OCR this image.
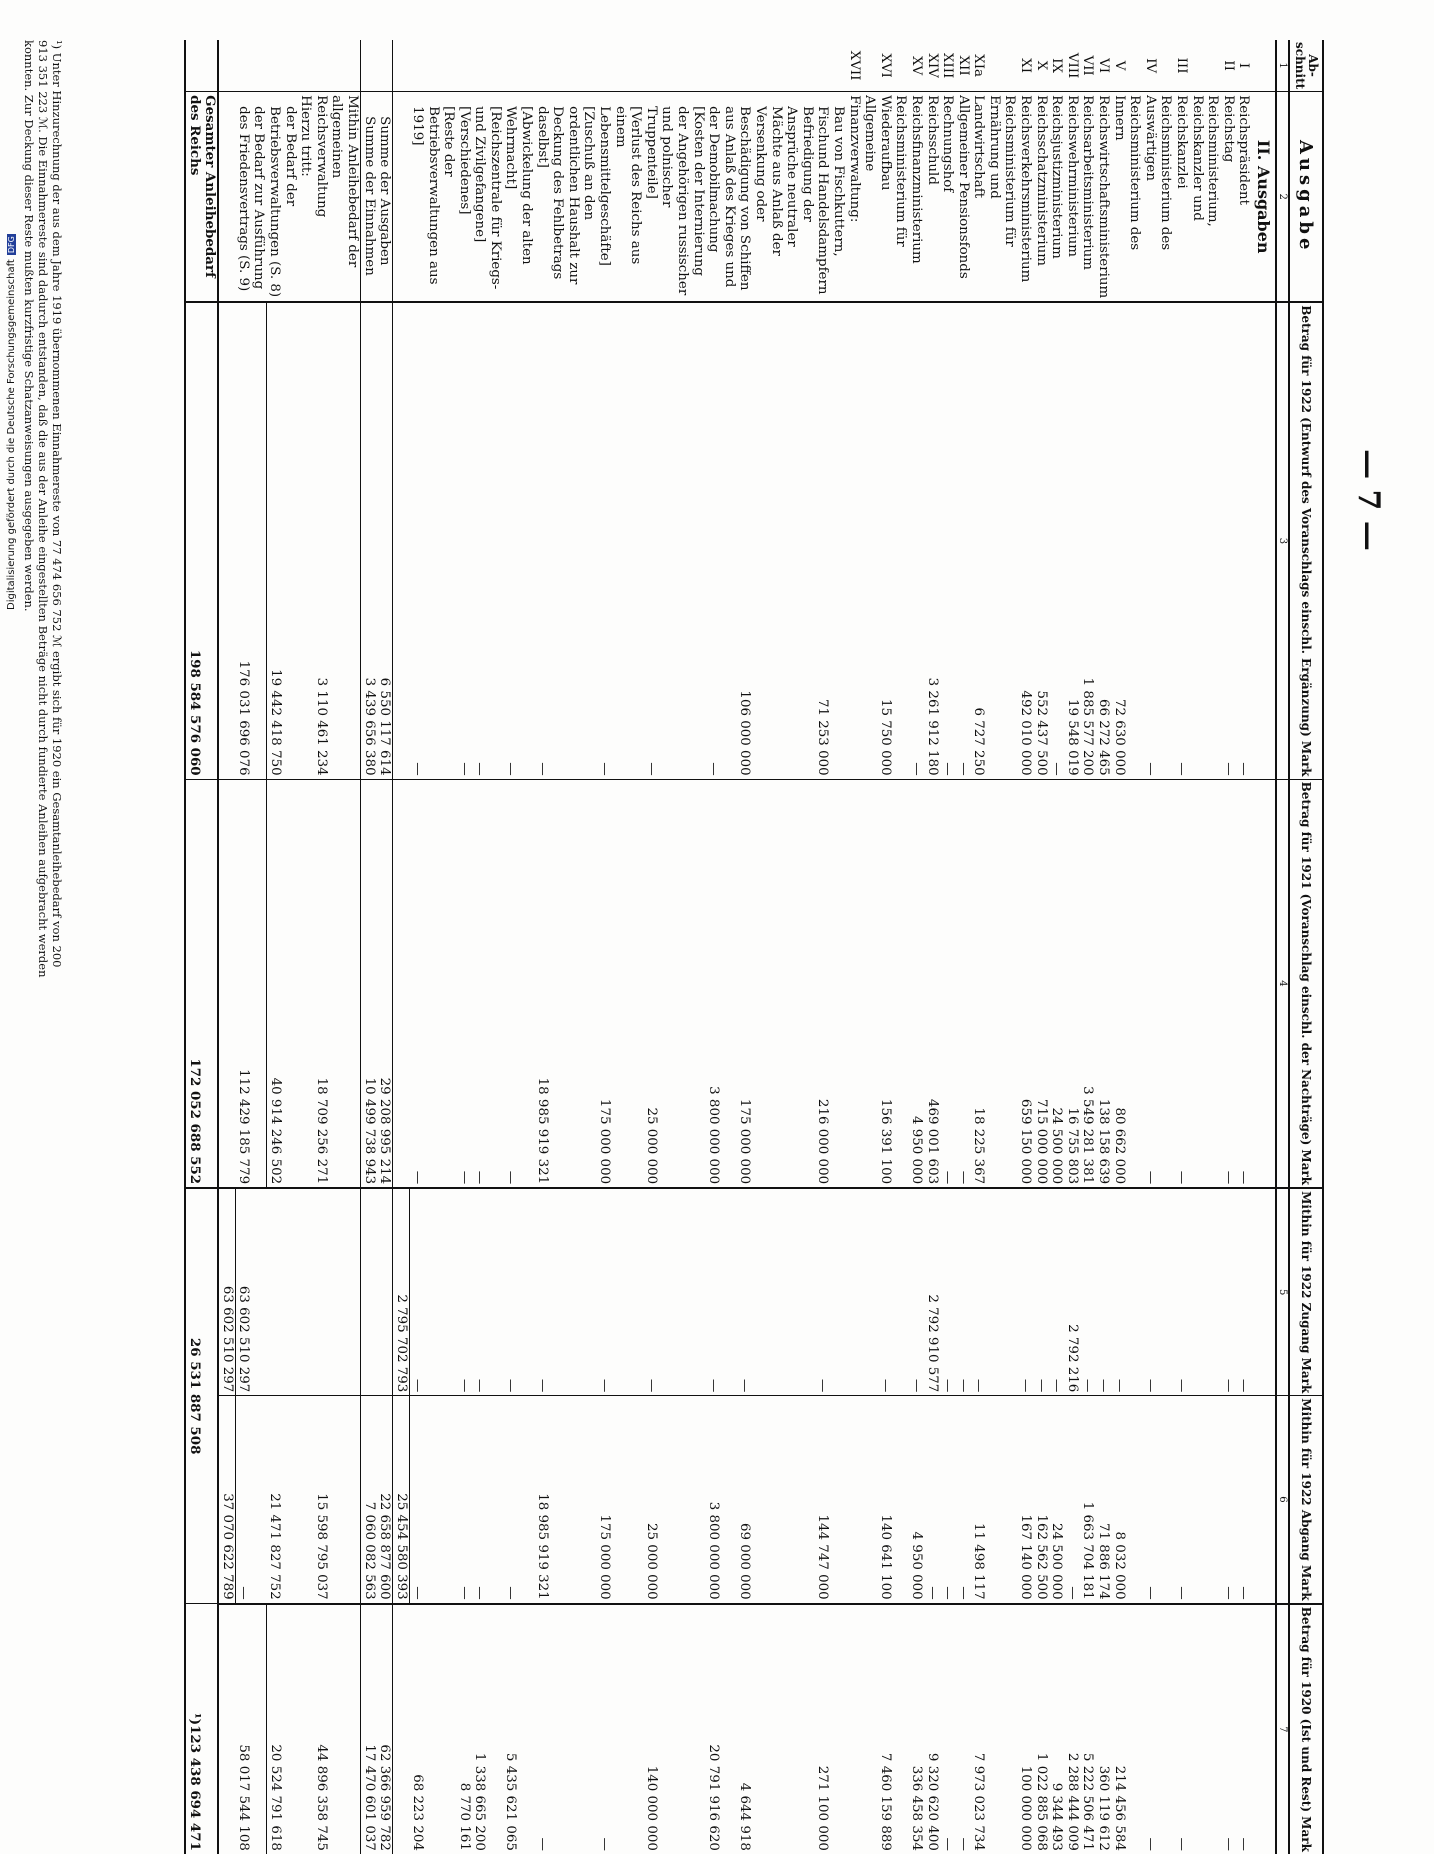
— 7 —
Ab-schnitt	Ausgabe	Betrag für 1922 (Entwurf des Voranschlags einschl. Ergänzung) Mark	Betrag für 1921 (Voranschlag einschl. der Nachträge) Mark	Mithin für 1922 Zugang Mark	Mithin für 1922 Abgang Mark	Betrag für 1920 (Ist und Rest) Mark
1	2	3	4	5	6	7
	II. Ausgaben					
I	Reichspräsident	—	—	—	—	—
II	Reichstag	—	—	—	—	—
III	Reichsministerium, Reichskanzler und Reichskanzlei	—	—	—	—	—
IV	Reichsministerium des Auswärtigen	—	—	—	—	—
V	Reichsministerium des Innern	72 630 000	80 662 000	—	8 032 000	214 456 584
VI	Reichswirtschaftsministerium	66 272 465	138 158 639	—	71 886 174	360 119 612
VII	Reichsarbeitsministerium	1 885 577 200	3 549 281 381	—	1 663 704 181	5 222 506 471
VIII	Reichswehrministerium	19 548 019	16 755 803	2 792 216	—	2 288 444 009
IX	Reichsjustizministerium	—	24 500 000	—	24 500 000	9 344 493
X	Reichsschatzministerium	552 437 500	715 000 000	—	162 562 500	1 022 885 068
XI	Reichsverkehrsministerium	492 010 000	659 150 000	—	167 140 000	100 000 000
XIa	Reichsministerium für Ernährung und Landwirtschaft	6 727 250	18 225 367	—	11 498 117	7 973 023 734
XII	Allgemeiner Pensionsfonds	—	—	—	—	—
XIII	Rechnungshof	—	—	—	—	—
XIV	Reichsschuld	3 261 912 180	469 001 603	2 792 910 577	—	9 320 620 400
XV	Reichsfinanzministerium	—	4 950 000	—	4 950 000	336 458 354
XVI	Reichsministerium für Wiederaufbau	15 750 000	156 391 100	—	140 641 100	7 460 159 889
XVII	Allgemeine Finanzverwaltung:					
	Bau von Fischkuttern, Fischund Handelsdampfern	71 253 000	216 000 000	—	144 747 000	271 100 000
	Befriedigung der Ansprüche neutraler Mächte aus Anlaß der Versenkung oder Beschädigung von Schiffen	106 000 000	175 000 000	—	69 000 000	4 644 918
	aus Anlaß des Krieges und der Demobilmachung	—	3 800 000 000	—	3 800 000 000	20 791 916 620
	[Kosten der Internierung der Angehörigen russischer und polnischer Truppenteile]	—	25 000 000	—	25 000 000	140 000 000
	[Verlust des Reichs aus einem Lebensmittelgeschäfte]	—	175 000 000	—	175 000 000	—
	[Zuschuß an den ordentlichen Haushalt zur Deckung des Fehlbetrags daselbst]	—	18 985 919 321	—	18 985 919 321	—
	[Abwickelung der alten Wehrmacht]	—	—	—	—	5 435 621 065
	[Reichszentrale für Kriegs- und Zivilgefangene]	—	—	—	—	1 338 665 200
	[Verschiedenes]	—	—	—	—	8 770 161
	[Reste der Betriebsverwaltungen aus 1919]	—	—	—	—	68 223 204
				2 795 702 793	25 454 580 393	
	Summe der Ausgaben	6 550 117 614	29 208 995 214		22 658 877 600	62 366 959 782
	Summe der Einnahmen	3 439 656 380	10 499 738 943		7 060 082 563	17 470 601 037
	Mithin Anleihebedarf der allgemeinen Reichsverwaltung	3 110 461 234	18 709 256 271		15 598 795 037	44 896 358 745
	Hierzu tritt:					
	der Bedarf der Betriebsverwaltungen (S. 8)	19 442 418 750	40 914 246 502		21 471 827 752	20 524 791 618
	der Bedarf zur Ausführung des Friedensvertrags (S. 9)	176 031 696 076	112 429 185 779	63 602 510 297	—	58 017 544 108
				63 602 510 297	37 070 622 789	
	Gesamter Anleihebedarf des Reichs	198 584 576 060	172 052 688 552	26 531 887 508		¹)123 438 694 471
¹) Unter Hinzurechnung der aus dem Jahre 1919 übernommenen Einnahmereste von 77 474 656 752 ℳ ergibt sich für 1920 ein Gesamtanleihebedarf von 200 913 351 223 ℳ. Die Einnahmereste sind dadurch entstanden, daß die aus der Anleihe eingestellten Beträge nicht durch fundierte Anleihen aufgebracht werden konnten. Zur Deckung dieser Reste mußten kurzfristige Schatzanweisungen ausgegeben werden.
Digitalisierung gefördert durch die Deutsche ForschungsgemeinschaftDFG
